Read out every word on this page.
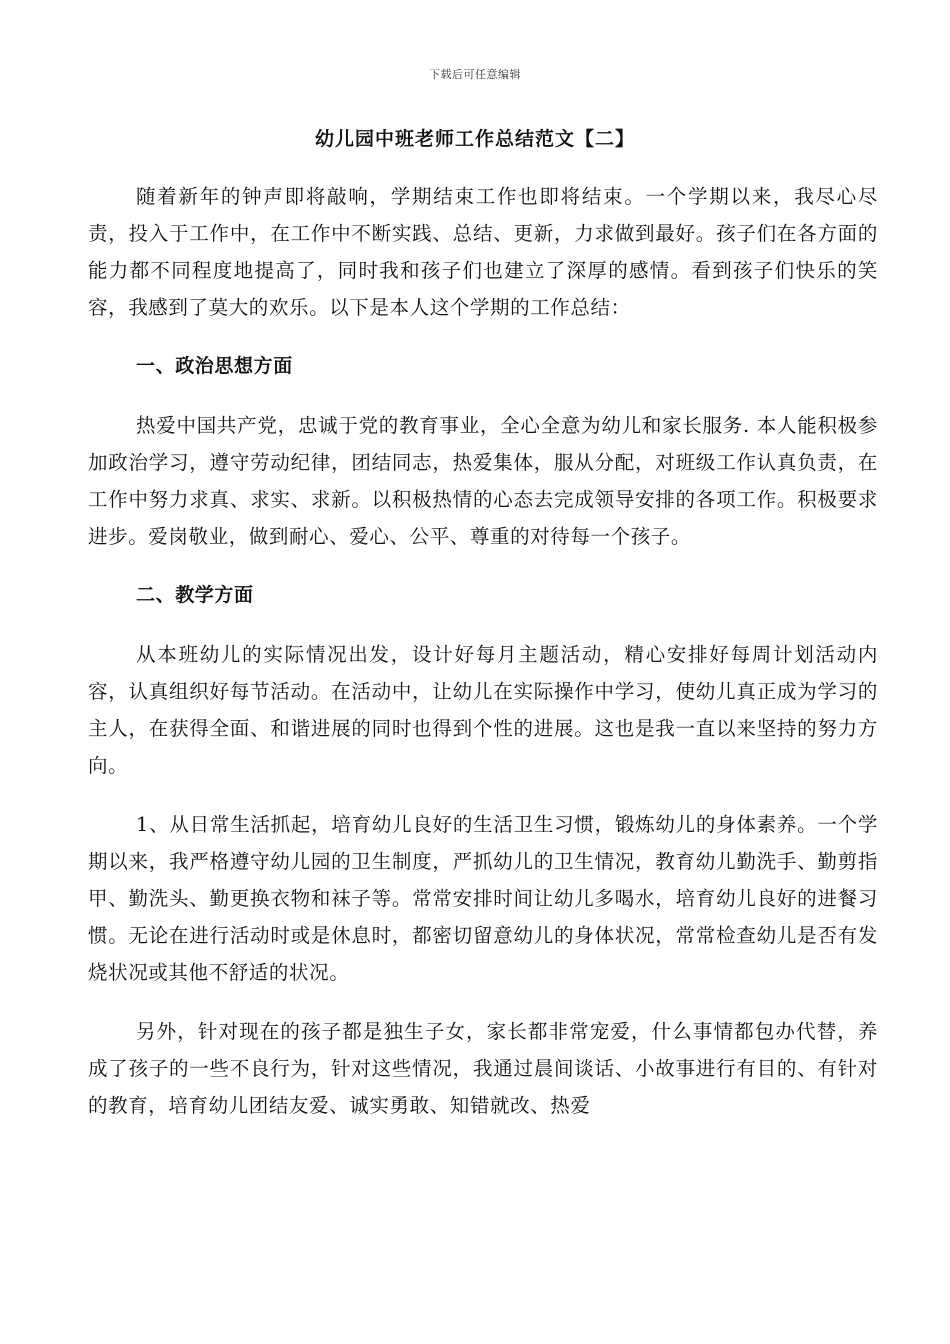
下载后可任意编辑
幼儿园中班老师工作总结范文【二】

随着新年的钟声即将敲响，学期结束工作也即将结束。一个学期以来，我尽心尽责，投入于工作中，在工作中不断实践、总结、更新，力求做到最好。孩子们在各方面的能力都不同程度地提高了，同时我和孩子们也建立了深厚的感情。看到孩子们快乐的笑容，我感到了莫大的欢乐。以下是本人这个学期的工作总结：

一、政治思想方面

热爱中国共产党，忠诚于党的教育事业，全心全意为幼儿和家长服务. 本人能积极参加政治学习，遵守劳动纪律，团结同志，热爱集体，服从分配，对班级工作认真负责，在工作中努力求真、求实、求新。以积极热情的心态去完成领导安排的各项工作。积极要求进步。爱岗敬业，做到耐心、爱心、公平、尊重的对待每一个孩子。

二、教学方面

从本班幼儿的实际情况出发，设计好每月主题活动，精心安排好每周计划活动内容，认真组织好每节活动。在活动中，让幼儿在实际操作中学习，使幼儿真正成为学习的主人，在获得全面、和谐进展的同时也得到个性的进展。这也是我一直以来坚持的努力方向。

1、从日常生活抓起，培育幼儿良好的生活卫生习惯，锻炼幼儿的身体素养。一个学期以来，我严格遵守幼儿园的卫生制度，严抓幼儿的卫生情况，教育幼儿勤洗手、勤剪指甲、勤洗头、勤更换衣物和袜子等。常常安排时间让幼儿多喝水，培育幼儿良好的进餐习惯。无论在进行活动时或是休息时，都密切留意幼儿的身体状况，常常检查幼儿是否有发烧状况或其他不舒适的状况。

另外，针对现在的孩子都是独生子女，家长都非常宠爱，什么事情都包办代替，养成了孩子的一些不良行为，针对这些情况，我通过晨间谈话、小故事进行有目的、有针对的教育，培育幼儿团结友爱、诚实勇敢、知错就改、热爱
